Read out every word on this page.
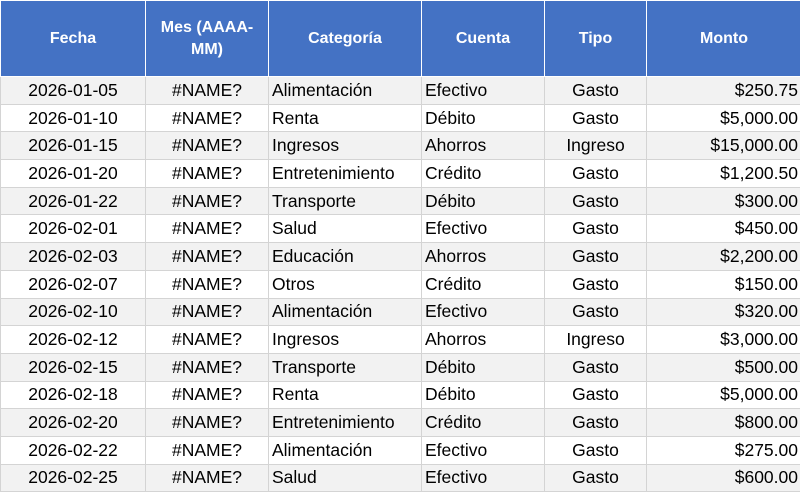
Fecha	Mes (AAAA-MM)	Categoría	Cuenta	Tipo	Monto
2026-01-05	#NAME?	Alimentación	Efectivo	Gasto	$250.75
2026-01-10	#NAME?	Renta	Débito	Gasto	$5,000.00
2026-01-15	#NAME?	Ingresos	Ahorros	Ingreso	$15,000.00
2026-01-20	#NAME?	Entretenimiento	Crédito	Gasto	$1,200.50
2026-01-22	#NAME?	Transporte	Débito	Gasto	$300.00
2026-02-01	#NAME?	Salud	Efectivo	Gasto	$450.00
2026-02-03	#NAME?	Educación	Ahorros	Gasto	$2,200.00
2026-02-07	#NAME?	Otros	Crédito	Gasto	$150.00
2026-02-10	#NAME?	Alimentación	Efectivo	Gasto	$320.00
2026-02-12	#NAME?	Ingresos	Ahorros	Ingreso	$3,000.00
2026-02-15	#NAME?	Transporte	Débito	Gasto	$500.00
2026-02-18	#NAME?	Renta	Débito	Gasto	$5,000.00
2026-02-20	#NAME?	Entretenimiento	Crédito	Gasto	$800.00
2026-02-22	#NAME?	Alimentación	Efectivo	Gasto	$275.00
2026-02-25	#NAME?	Salud	Efectivo	Gasto	$600.00
